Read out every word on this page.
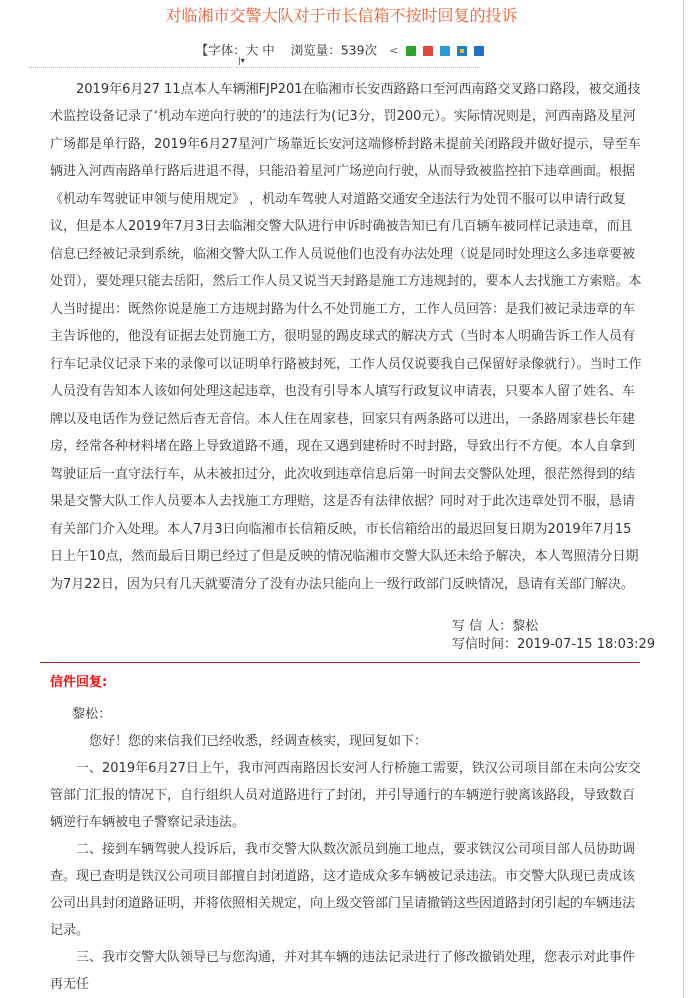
对临湘市交警大队对于市长信箱不按时回复的投诉
【字体：大 中 浏览量：539次 <
|▾

2019年6月27 11点本人车辆湘FJP201在临湘市长安西路路口至河西南路交叉路口路段，被交通技术监控设备记录了‘机动车逆向行驶的’的违法行为(记3分，罚200元）。实际情况则是，河西南路及星河广场都是单行路，2019年6月27星河广场靠近长安河这端修桥封路未提前关闭路段并做好提示，导至车辆进入河西南路单行路后进退不得，只能沿着星河广场逆向行驶，从而导致被监控拍下违章画面。根据《机动车驾驶证申领与使用规定》 ，机动车驾驶人对道路交通安全违法行为处罚不服可以申请行政复议，但是本人2019年7月3日去临湘交警大队进行申诉时确被告知已有几百辆车被同样记录违章，而且信息已经被记录到系统，临湘交警大队工作人员说他们也没有办法处理（说是同时处理这么多违章要被处罚），要处理只能去岳阳，然后工作人员又说当天封路是施工方违规封的，要本人去找施工方索赔。本人当时提出：既然你说是施工方违规封路为什么不处罚施工方，工作人员回答：是我们被记录违章的车主告诉他的，他没有证据去处罚施工方，很明显的踢皮球式的解决方式（当时本人明确告诉工作人员有行车记录仪记录下来的录像可以证明单行路被封死，工作人员仅说要我自己保留好录像就行）。当时工作人员没有告知本人该如何处理这起违章，也没有引导本人填写行政复议申请表，只要本人留了姓名、车牌以及电话作为登记然后杳无音信。本人住在周家巷，回家只有两条路可以进出，一条路周家巷长年建房，经常各种材料堵在路上导致道路不通，现在又遇到建桥时不时封路，导致出行不方便。本人自拿到驾驶证后一直守法行车，从未被扣过分，此次收到违章信息后第一时间去交警队处理，很茫然得到的结果是交警大队工作人员要本人去找施工方理赔，这是否有法律依据？同时对于此次违章处罚不服，恳请有关部门介入处理。本人7月3日向临湘市长信箱反映，市长信箱给出的最迟回复日期为2019年7月15日上午10点，然而最后日期已经过了但是反映的情况临湘市交警大队还未给予解决，本人驾照清分日期为7月22日，因为只有几天就要清分了没有办法只能向上一级行政部门反映情况，恳请有关部门解决。

写 信 人：黎松
写信时间：2019-07-15 18:03:29
信件回复:

黎松：

您好！您的来信我们已经收悉，经调查核实，现回复如下：

一、2019年6月27日上午，我市河西南路因长安河人行桥施工需要，铁汉公司项目部在未向公安交管部门汇报的情况下，自行组织人员对道路进行了封闭，并引导通行的车辆逆行驶离该路段，导致数百辆逆行车辆被电子警察记录违法。

二、接到车辆驾驶人投诉后，我市交警大队数次派员到施工地点，要求铁汉公司项目部人员协助调查。现已查明是铁汉公司项目部擅自封闭道路，这才造成众多车辆被记录违法。市交警大队现已责成该公司出具封闭道路证明，并将依照相关规定，向上级交管部门呈请撤销这些因道路封闭引起的车辆违法记录。

三、我市交警大队领导已与您沟通，并对其车辆的违法记录进行了修改撤销处理，您表示对此事件再无任
